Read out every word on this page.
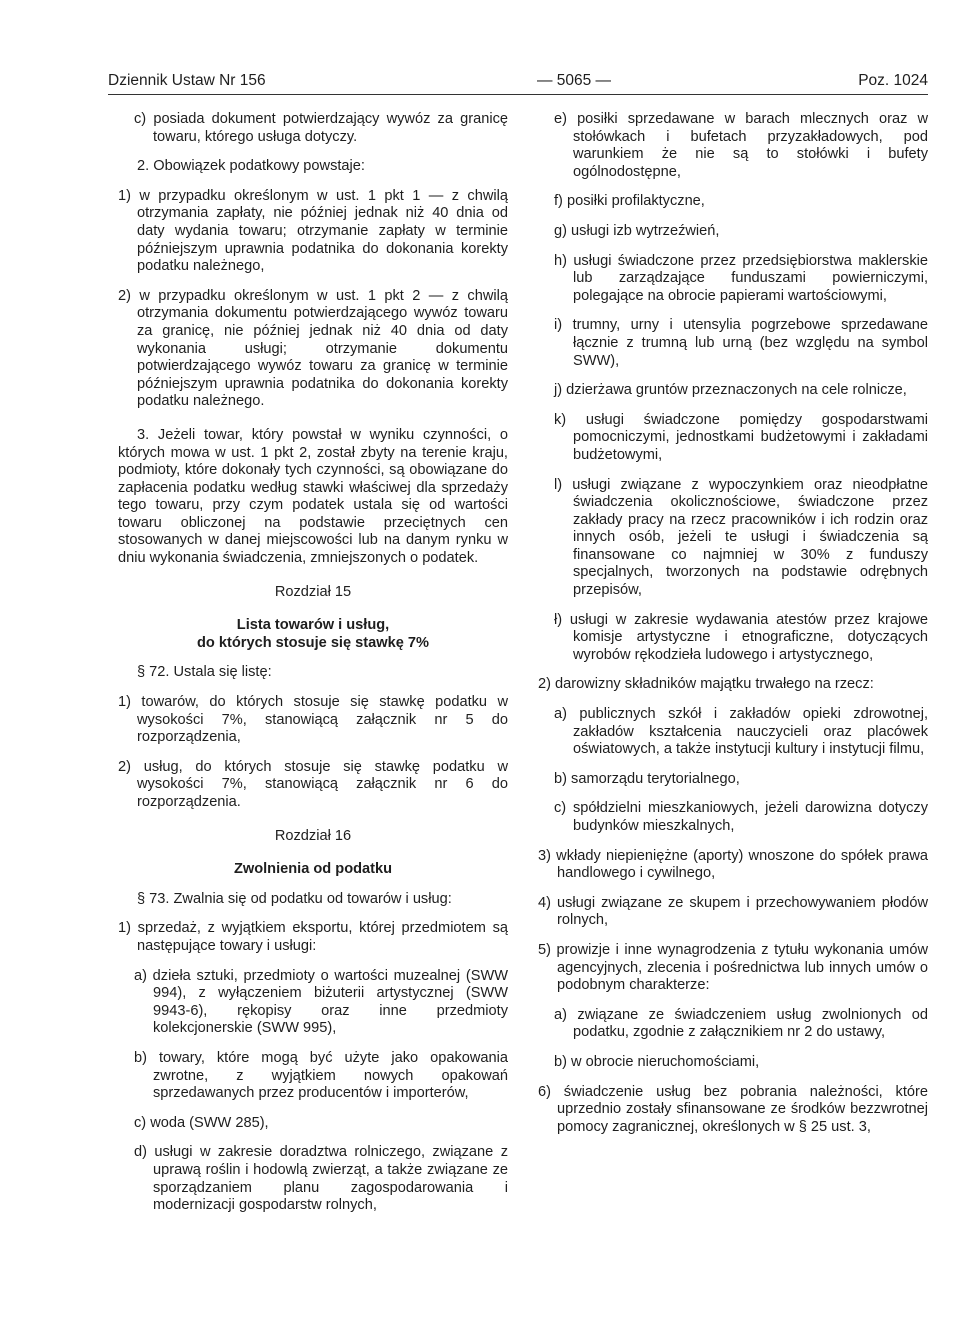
Dziennik Ustaw Nr 156	— 5065 —	Poz. 1024

c) posiada dokument potwierdzający wywóz za granicę towaru, którego usługa dotyczy.

2. Obowiązek podatkowy powstaje:

1) w przypadku określonym w ust. 1 pkt 1 — z chwilą otrzymania zapłaty, nie później jednak niż 40 dnia od daty wydania towaru; otrzymanie zapłaty w terminie późniejszym uprawnia podatnika do dokonania korekty podatku należnego,

2) w przypadku określonym w ust. 1 pkt 2 — z chwilą otrzymania dokumentu potwierdzającego wywóz towaru za granicę, nie później jednak niż 40 dnia od daty wykonania usługi; otrzymanie dokumentu potwierdzającego wywóz towaru za granicę w terminie późniejszym uprawnia podatnika do dokonania korekty podatku należnego.

3. Jeżeli towar, który powstał w wyniku czynności, o których mowa w ust. 1 pkt 2, został zbyty na terenie kraju, podmioty, które dokonały tych czynności, są obowiązane do zapłacenia podatku według stawki właściwej dla sprzedaży tego towaru, przy czym podatek ustala się od wartości towaru obliczonej na podstawie przeciętnych cen stosowanych w danej miejscowości lub na danym rynku w dniu wykonania świadczenia, zmniejszonych o podatek.

Rozdział 15

Lista towarów i usług,

do których stosuje się stawkę 7%

§ 72. Ustala się listę:

1) towarów, do których stosuje się stawkę podatku w wysokości 7%, stanowiącą załącznik nr 5 do rozporządzenia,

2) usług, do których stosuje się stawkę podatku w wysokości 7%, stanowiącą załącznik nr 6 do rozporządzenia.

Rozdział 16

Zwolnienia od podatku

§ 73. Zwalnia się od podatku od towarów i usług:

1) sprzedaż, z wyjątkiem eksportu, której przedmiotem są następujące towary i usługi:

a) dzieła sztuki, przedmioty o wartości muzealnej (SWW 994), z wyłączeniem biżuterii artystycznej (SWW 9943-6), rękopisy oraz inne przedmioty kolekcjonerskie (SWW 995),

b) towary, które mogą być użyte jako opakowania zwrotne, z wyjątkiem nowych opakowań sprzedawanych przez producentów i importerów,

c) woda (SWW 285),

d) usługi w zakresie doradztwa rolniczego, związane z uprawą roślin i hodowlą zwierząt, a także związane ze sporządzaniem planu zagospodarowania i modernizacji gospodarstw rolnych,

e) posiłki sprzedawane w barach mlecznych oraz w stołówkach i bufetach przyzakładowych, pod warunkiem że nie są to stołówki i bufety ogólnodostępne,

f) posiłki profilaktyczne,

g) usługi izb wytrzeźwień,

h) usługi świadczone przez przedsiębiorstwa maklerskie lub zarządzające funduszami powierniczymi, polegające na obrocie papierami wartościowymi,

i) trumny, urny i utensylia pogrzebowe sprzedawane łącznie z trumną lub urną (bez względu na symbol SWW),

j) dzierżawa gruntów przeznaczonych na cele rolnicze,

k) usługi świadczone pomiędzy gospodarstwami pomocniczymi, jednostkami budżetowymi i zakładami budżetowymi,

l) usługi związane z wypoczynkiem oraz nieodpłatne świadczenia okolicznościowe, świadczone przez zakłady pracy na rzecz pracowników i ich rodzin oraz innych osób, jeżeli te usługi i świadczenia są finansowane co najmniej w 30% z funduszy specjalnych, tworzonych na podstawie odrębnych przepisów,

ł) usługi w zakresie wydawania atestów przez krajowe komisje artystyczne i etnograficzne, dotyczących wyrobów rękodzieła ludowego i artystycznego,

2) darowizny składników majątku trwałego na rzecz:

a) publicznych szkół i zakładów opieki zdrowotnej, zakładów kształcenia nauczycieli oraz placówek oświatowych, a także instytucji kultury i instytucji filmu,

b) samorządu terytorialnego,

c) spółdzielni mieszkaniowych, jeżeli darowizna dotyczy budynków mieszkalnych,

3) wkłady niepieniężne (aporty) wnoszone do spółek prawa handlowego i cywilnego,

4) usługi związane ze skupem i przechowywaniem płodów rolnych,

5) prowizje i inne wynagrodzenia z tytułu wykonania umów agencyjnych, zlecenia i pośrednictwa lub innych umów o podobnym charakterze:

a) związane ze świadczeniem usług zwolnionych od podatku, zgodnie z załącznikiem nr 2 do ustawy,

b) w obrocie nieruchomościami,

6) świadczenie usług bez pobrania należności, które uprzednio zostały sfinansowane ze środków bezzwrotnej pomocy zagranicznej, określonych w § 25 ust. 3,
